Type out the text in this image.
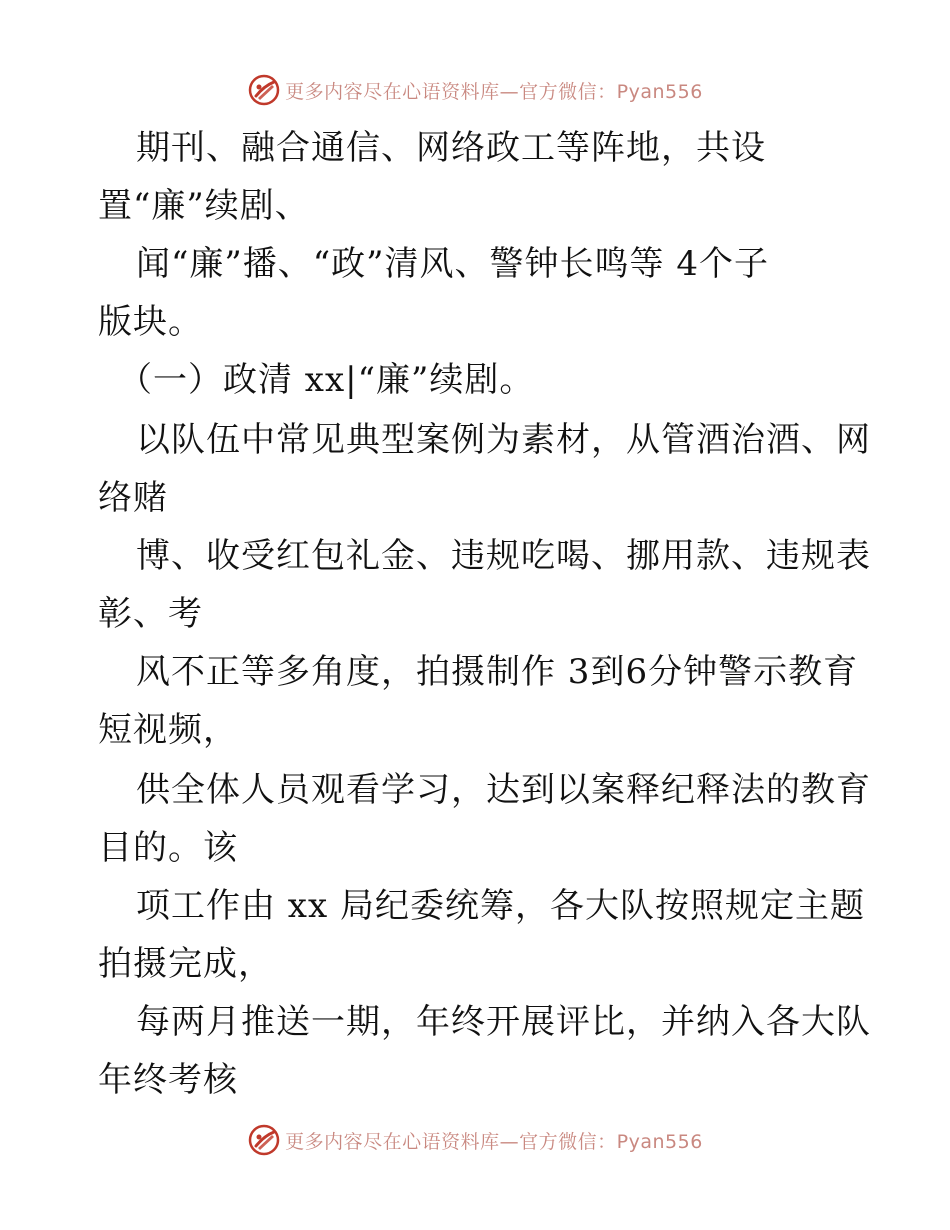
更多内容尽在心语资料库—官方微信：Pyan556
期刊、融合通信、网络政工等阵地，共设
置“廉”续剧、
闻“廉”播、“政”清风、警钟长鸣等 4个子
版块。
（一）政清 xx|“廉”续剧。
以队伍中常见典型案例为素材，从管酒治酒、网
络赌
博、收受红包礼金、违规吃喝、挪用款、违规表
彰、考
风不正等多角度，拍摄制作 3到6分钟警示教育
短视频，
供全体人员观看学习，达到以案释纪释法的教育
目的。该
项工作由 xx 局纪委统筹，各大队按照规定主题
拍摄完成，
每两月推送一期，年终开展评比，并纳入各大队
年终考核
更多内容尽在心语资料库—官方微信：Pyan556
